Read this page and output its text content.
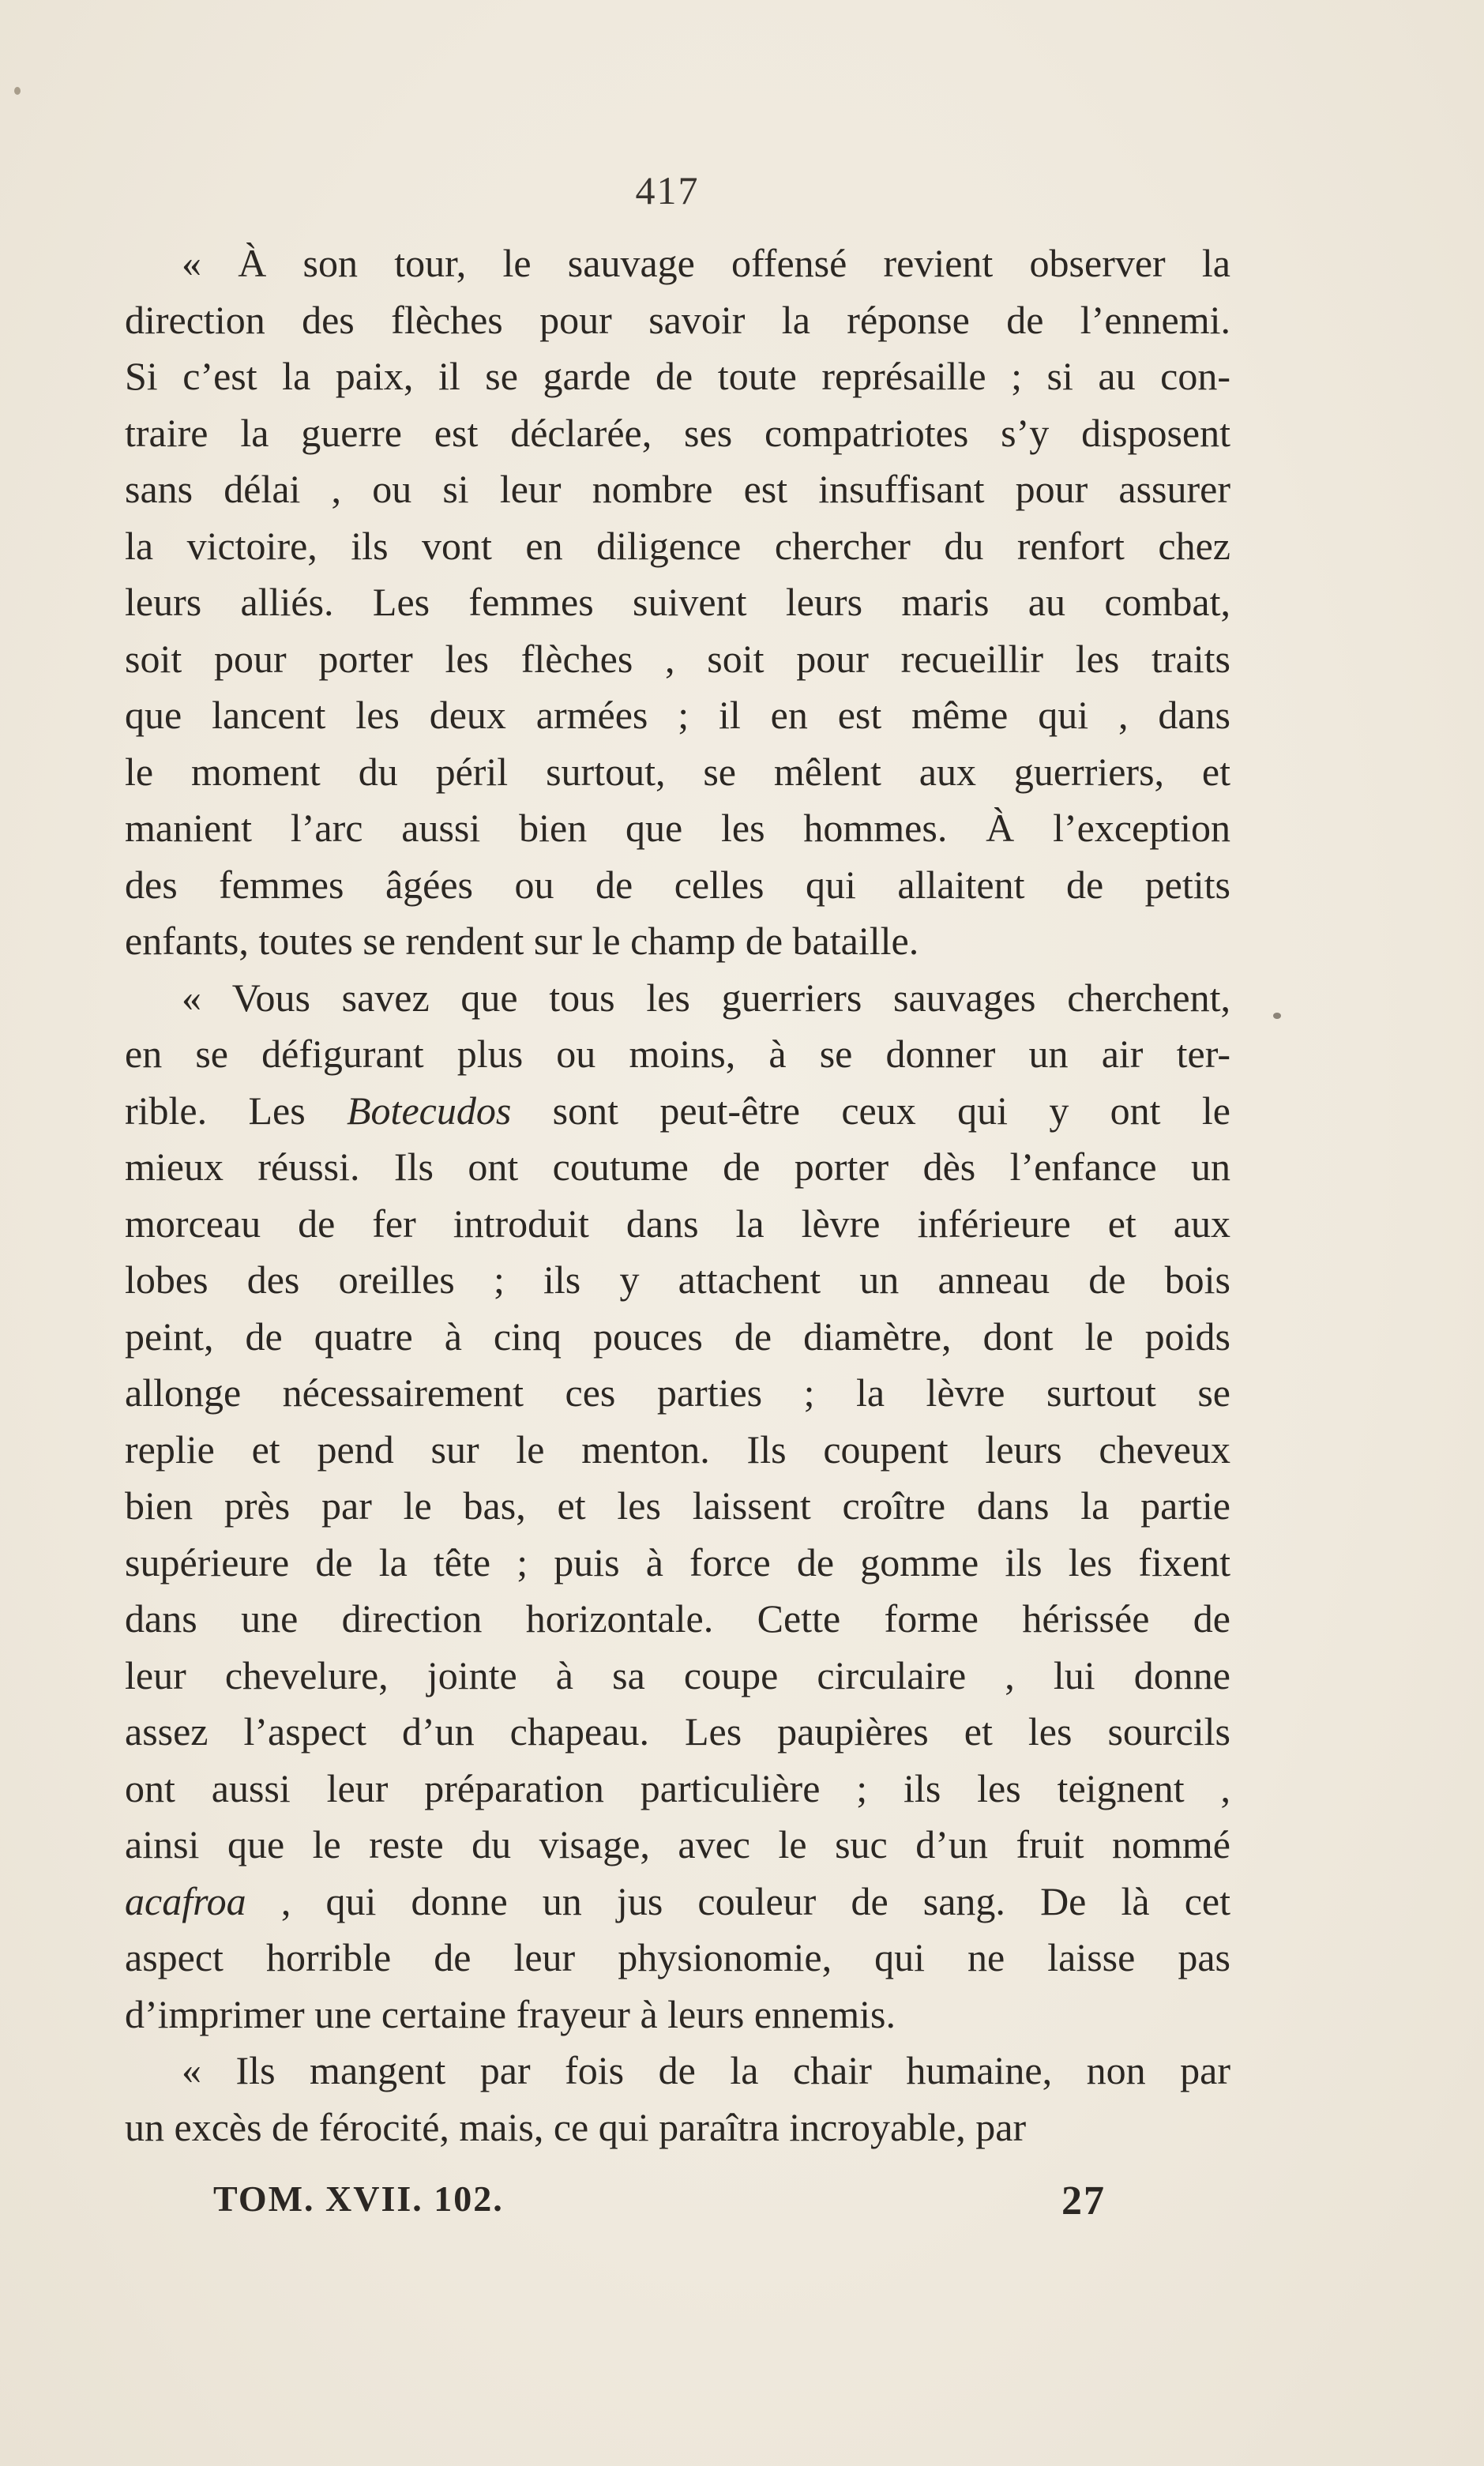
417
« À son tour, le sauvage offensé revient observer la
direction des flèches pour savoir la réponse de l’ennemi.
Si c’est la paix, il se garde de toute représaille ; si au con-
traire la guerre est déclarée, ses compatriotes s’y disposent
sans délai , ou si leur nombre est insuffisant pour assurer
la victoire, ils vont en diligence chercher du renfort chez
leurs alliés. Les femmes suivent leurs maris au combat,
soit pour porter les flèches , soit pour recueillir les traits
que lancent les deux armées ; il en est même qui , dans
le moment du péril surtout, se mêlent aux guerriers, et
manient l’arc aussi bien que les hommes. À l’exception
des femmes âgées ou de celles qui allaitent de petits
enfants, toutes se rendent sur le champ de bataille.
« Vous savez que tous les guerriers sauvages cherchent,
en se défigurant plus ou moins, à se donner un air ter-
rible. Les Botecudos sont peut-être ceux qui y ont le
mieux réussi. Ils ont coutume de porter dès l’enfance un
morceau de fer introduit dans la lèvre inférieure et aux
lobes des oreilles ; ils y attachent un anneau de bois
peint, de quatre à cinq pouces de diamètre, dont le poids
allonge nécessairement ces parties ; la lèvre surtout se
replie et pend sur le menton. Ils coupent leurs cheveux
bien près par le bas, et les laissent croître dans la partie
supérieure de la tête ; puis à force de gomme ils les fixent
dans une direction horizontale. Cette forme hérissée de
leur chevelure, jointe à sa coupe circulaire , lui donne
assez l’aspect d’un chapeau. Les paupières et les sourcils
ont aussi leur préparation particulière ; ils les teignent ,
ainsi que le reste du visage, avec le suc d’un fruit nommé
acafroa , qui donne un jus couleur de sang. De là cet
aspect horrible de leur physionomie, qui ne laisse pas
d’imprimer une certaine frayeur à leurs ennemis.
« Ils mangent par fois de la chair humaine, non par
un excès de férocité, mais, ce qui paraîtra incroyable, par
TOM. XVII. 102.	27
